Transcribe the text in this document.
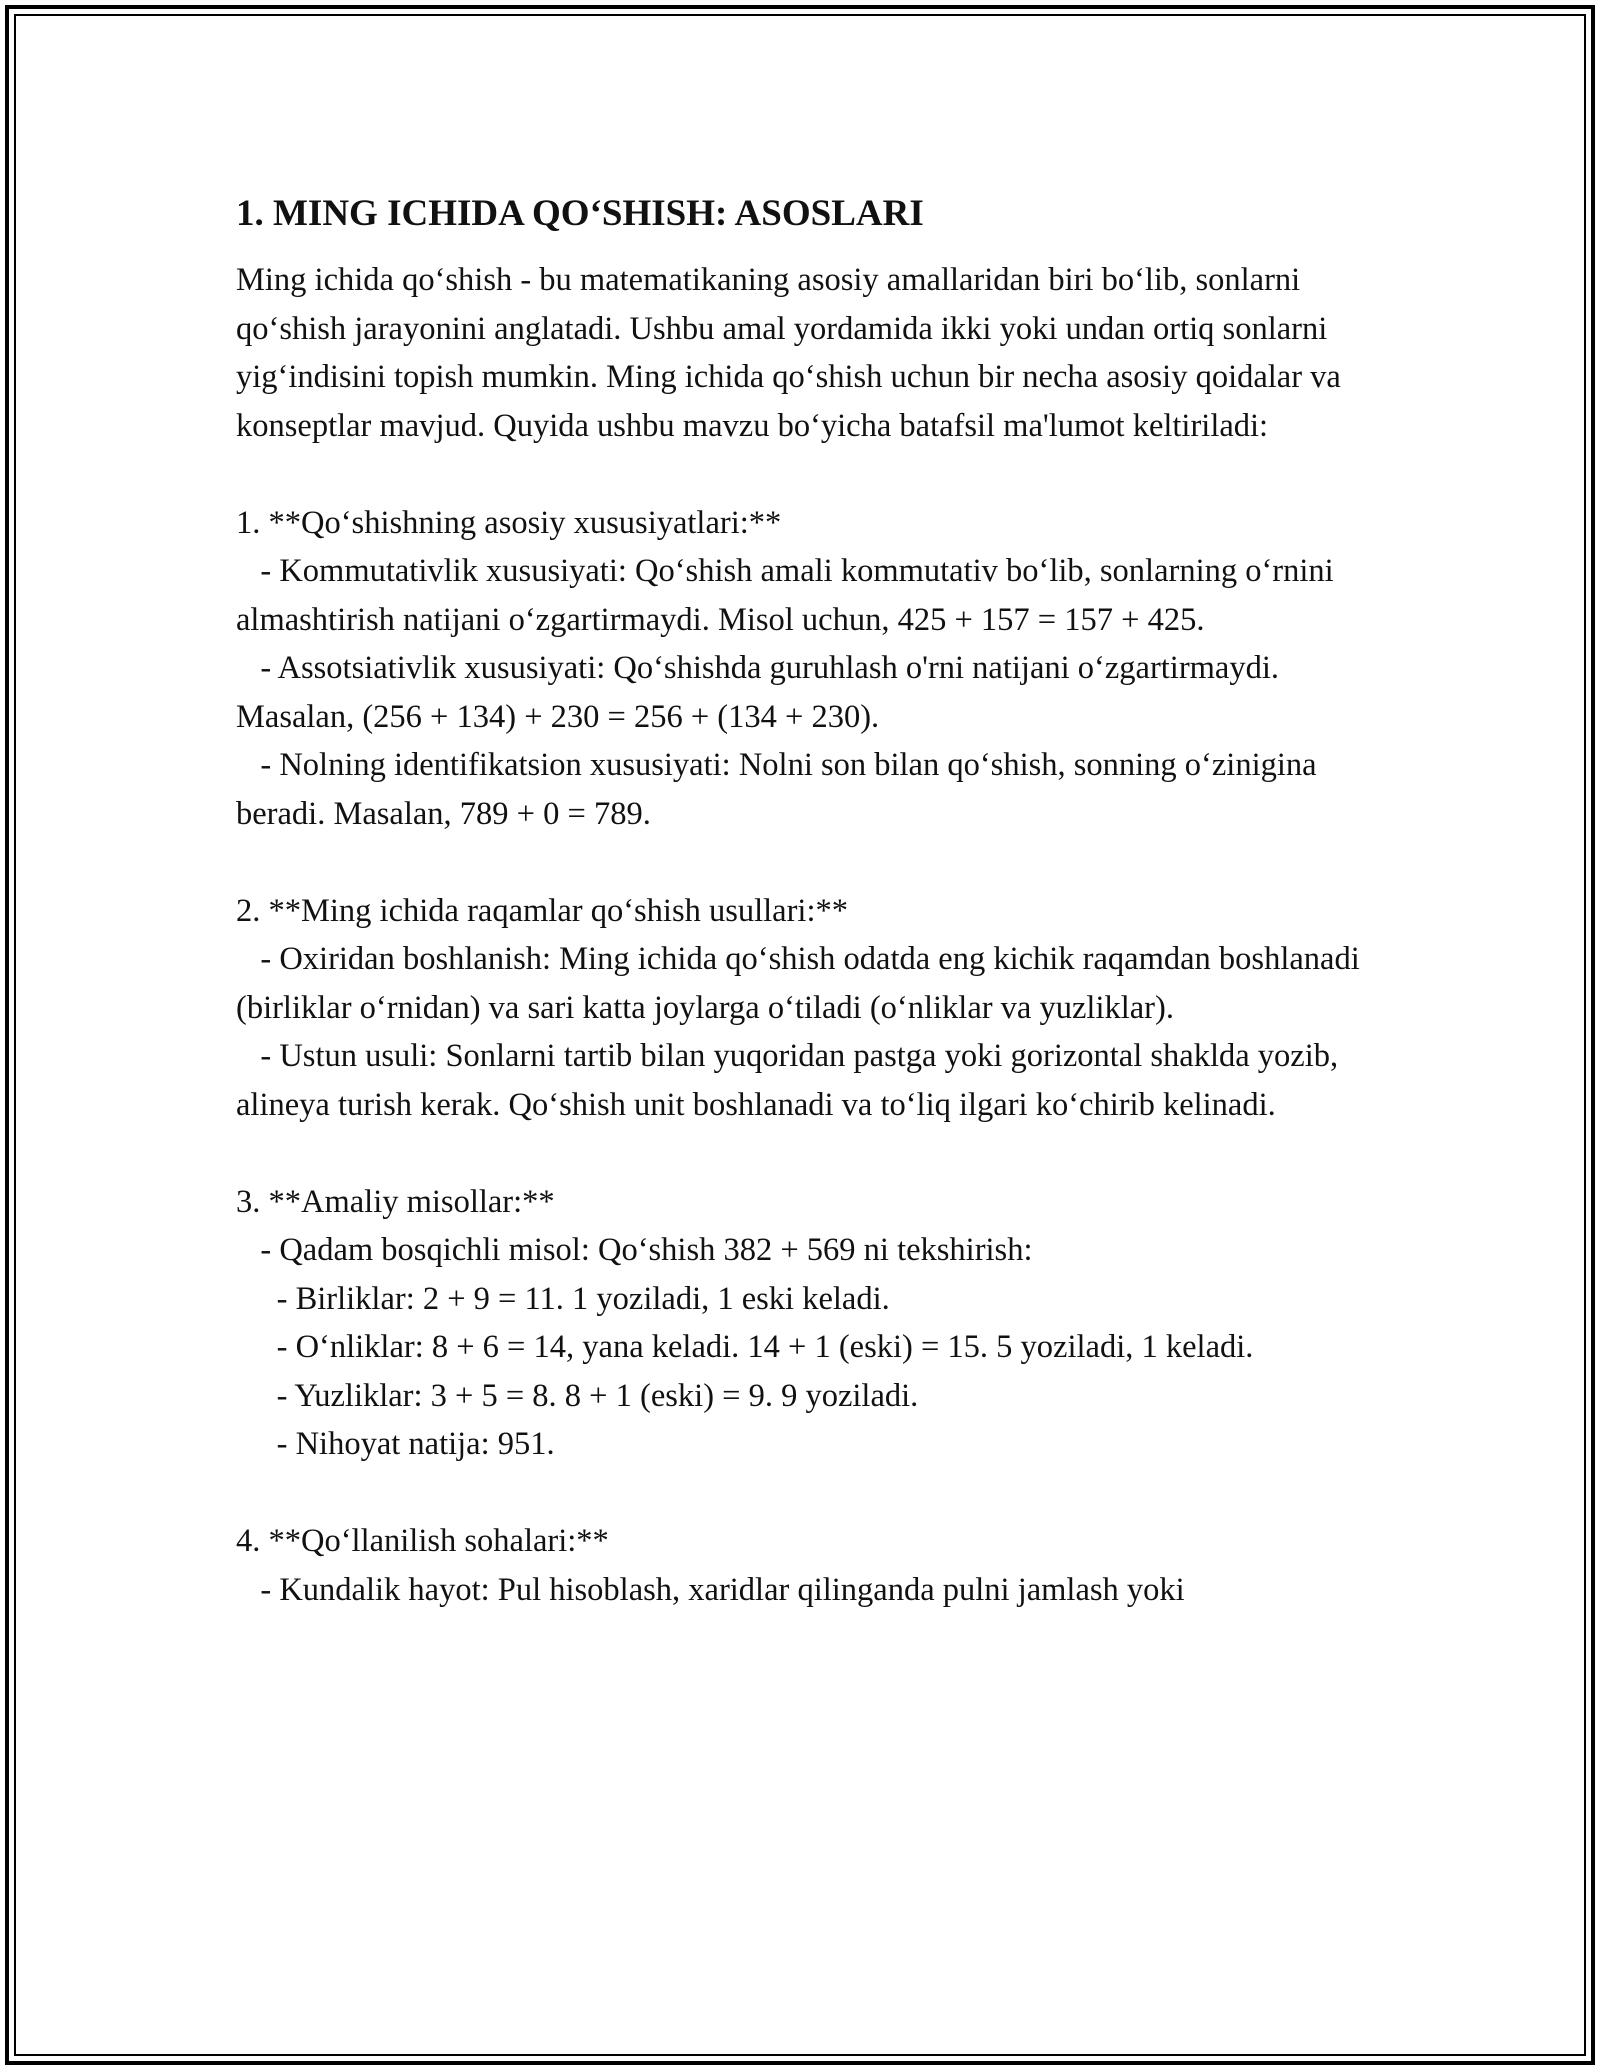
1. MING ICHIDA QO‘SHISH: ASOSLARI

Ming ichida qo‘shish - bu matematikaning asosiy amallaridan biri bo‘lib, sonlarni qo‘shish jarayonini anglatadi. Ushbu amal yordamida ikki yoki undan ortiq sonlarni yig‘indisini topish mumkin. Ming ichida qo‘shish uchun bir necha asosiy qoidalar va konseptlar mavjud. Quyida ushbu mavzu bo‘yicha batafsil ma'lumot keltiriladi:

1. **Qo‘shishning asosiy xususiyatlari:**

- Kommutativlik xususiyati: Qo‘shish amali kommutativ bo‘lib, sonlarning o‘rnini almashtirish natijani o‘zgartirmaydi. Misol uchun, 425 + 157 = 157 + 425.

- Assotsiativlik xususiyati: Qo‘shishda guruhlash o'rni natijani o‘zgartirmaydi. Masalan, (256 + 134) + 230 = 256 + (134 + 230).

- Nolning identifikatsion xususiyati: Nolni son bilan qo‘shish, sonning o‘zinigina beradi. Masalan, 789 + 0 = 789.

2. **Ming ichida raqamlar qo‘shish usullari:**

- Oxiridan boshlanish: Ming ichida qo‘shish odatda eng kichik raqamdan boshlanadi (birliklar o‘rnidan) va sari katta joylarga o‘tiladi (o‘nliklar va yuzliklar).

- Ustun usuli: Sonlarni tartib bilan yuqoridan pastga yoki gorizontal shaklda yozib, alineya turish kerak. Qo‘shish unit boshlanadi va to‘liq ilgari ko‘chirib kelinadi.

3. **Amaliy misollar:**

- Qadam bosqichli misol: Qo‘shish 382 + 569 ni tekshirish:

- Birliklar: 2 + 9 = 11. 1 yoziladi, 1 eski keladi.

- O‘nliklar: 8 + 6 = 14, yana keladi. 14 + 1 (eski) = 15. 5 yoziladi, 1 keladi.

- Yuzliklar: 3 + 5 = 8. 8 + 1 (eski) = 9. 9 yoziladi.

- Nihoyat natija: 951.

4. **Qo‘llanilish sohalari:**

- Kundalik hayot: Pul hisoblash, xaridlar qilinganda pulni jamlash yoki
